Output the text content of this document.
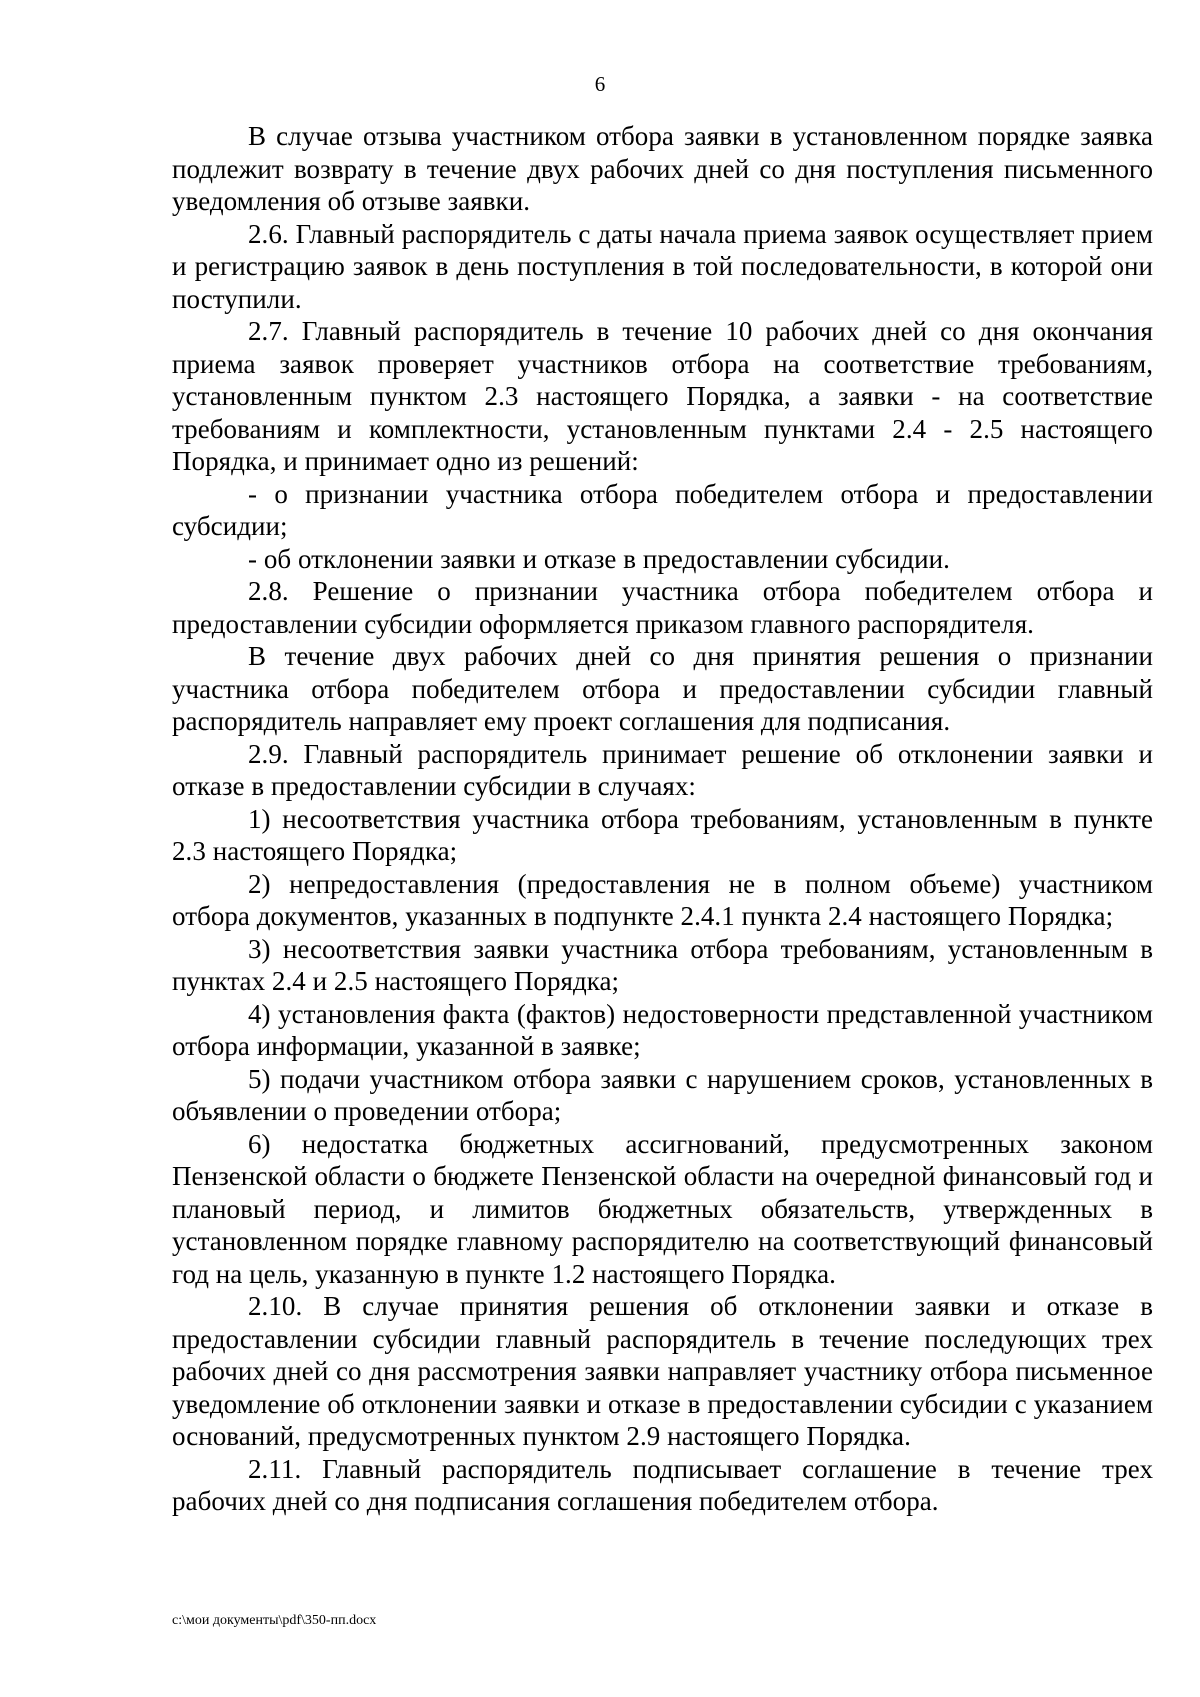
6

В случае отзыва участником отбора заявки в установленном порядке заявка подлежит возврату в течение двух рабочих дней со дня поступления письменного уведомления об отзыве заявки.

2.6. Главный распорядитель с даты начала приема заявок осуществляет прием и регистрацию заявок в день поступления в той последовательности, в которой они поступили.

2.7. Главный распорядитель в течение 10 рабочих дней со дня окончания приема заявок проверяет участников отбора на соответствие требованиям, установленным пунктом 2.3 настоящего Порядка, а заявки - на соответствие требованиям и комплектности, установленным пунктами 2.4 - 2.5 настоящего Порядка, и принимает одно из решений:

- о признании участника отбора победителем отбора и предоставлении субсидии;

- об отклонении заявки и отказе в предоставлении субсидии.

2.8. Решение о признании участника отбора победителем отбора и предоставлении субсидии оформляется приказом главного распорядителя.

В течение двух рабочих дней со дня принятия решения о признании участника отбора победителем отбора и предоставлении субсидии главный распорядитель направляет ему проект соглашения для подписания.

2.9. Главный распорядитель принимает решение об отклонении заявки и отказе в предоставлении субсидии в случаях:

1) несоответствия участника отбора требованиям, установленным в пункте 2.3 настоящего Порядка;

2) непредоставления (предоставления не в полном объеме) участником отбора документов, указанных в подпункте 2.4.1 пункта 2.4 настоящего Порядка;

3) несоответствия заявки участника отбора требованиям, установленным в пунктах 2.4 и 2.5 настоящего Порядка;

4) установления факта (фактов) недостоверности представленной участником отбора информации, указанной в заявке;

5) подачи участником отбора заявки с нарушением сроков, установленных в объявлении о проведении отбора;

6) недостатка бюджетных ассигнований, предусмотренных законом Пензенской области о бюджете Пензенской области на очередной финансовый год и плановый период, и лимитов бюджетных обязательств, утвержденных в установленном порядке главному распорядителю на соответствующий финансовый год на цель, указанную в пункте 1.2 настоящего Порядка.

2.10. В случае принятия решения об отклонении заявки и отказе в предоставлении субсидии главный распорядитель в течение последующих трех рабочих дней со дня рассмотрения заявки направляет участнику отбора письменное уведомление об отклонении заявки и отказе в предоставлении субсидии с указанием оснований, предусмотренных пунктом 2.9 настоящего Порядка.

2.11. Главный распорядитель подписывает соглашение в течение трех рабочих дней со дня подписания соглашения победителем отбора.

c:\мои документы\pdf\350-пп.docx
